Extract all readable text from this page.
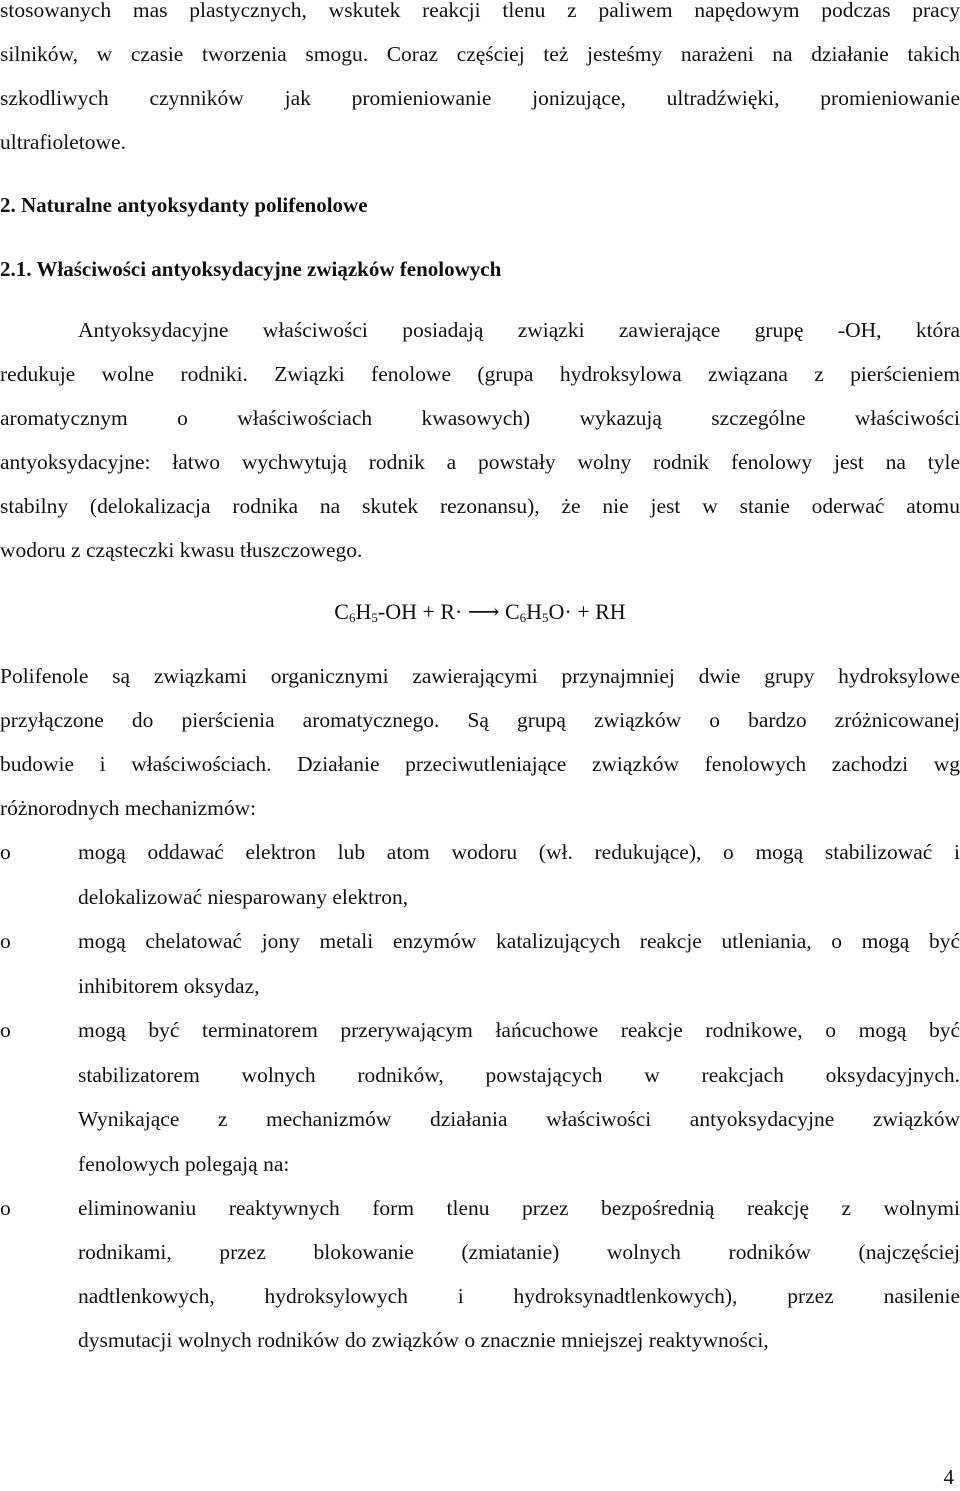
stosowanych mas plastycznych, wskutek reakcji tlenu z paliwem napędowym podczas pracy
silników, w czasie tworzenia smogu. Coraz częściej też jesteśmy narażeni na działanie takich
szkodliwych czynników jak promieniowanie jonizujące, ultradźwięki, promieniowanie
ultrafioletowe.
2. Naturalne antyoksydanty polifenolowe
2.1. Właściwości antyoksydacyjne związków fenolowych
Antyoksydacyjne właściwości posiadają związki zawierające grupę -OH, która
redukuje wolne rodniki. Związki fenolowe (grupa hydroksylowa związana z pierścieniem
aromatycznym o właściwościach kwasowych) wykazują szczególne właściwości
antyoksydacyjne: łatwo wychwytują rodnik a powstały wolny rodnik fenolowy jest na tyle
stabilny (delokalizacja rodnika na skutek rezonansu), że nie jest w stanie oderwać atomu
wodoru z cząsteczki kwasu tłuszczowego.
$C_6H_5-OH + R\cdot$ ⟶ $C_6H_5O\cdot$ + RH
Polifenole są związkami organicznymi zawierającymi przynajmniej dwie grupy hydroksylowe
przyłączone do pierścienia aromatycznego. Są grupą związków o bardzo zróżnicowanej
budowie i właściwościach. Działanie przeciwutleniające związków fenolowych zachodzi wg
różnorodnych mechanizmów:
o	mogą oddawać elektron lub atom wodoru (wł. redukujące), o mogą stabilizować i
delokalizować niesparowany elektron,
o	mogą chelatować jony metali enzymów katalizujących reakcje utleniania, o mogą być
inhibitorem oksydaz,
o	mogą być terminatorem przerywającym łańcuchowe reakcje rodnikowe, o mogą być
stabilizatorem wolnych rodników, powstających w reakcjach oksydacyjnych.
Wynikające z mechanizmów działania właściwości antyoksydacyjne związków
fenolowych polegają na:
o	eliminowaniu reaktywnych form tlenu przez bezpośrednią reakcję z wolnymi
rodnikami, przez blokowanie (zmiatanie) wolnych rodników (najczęściej
nadtlenkowych, hydroksylowych i hydroksynadtlenkowych), przez nasilenie
dysmutacji wolnych rodników do związków o znacznie mniejszej reaktywności,
4
